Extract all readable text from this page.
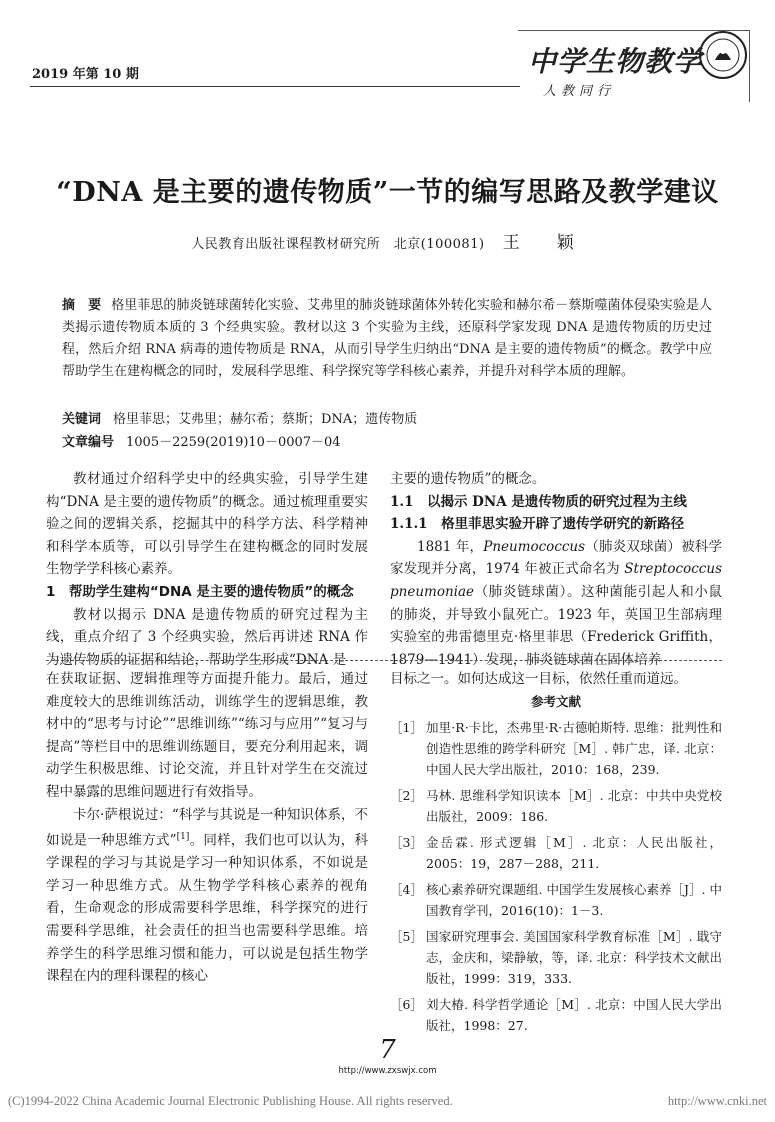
2019 年第 10 期	中学生物教学
人教同行
“DNA 是主要的遗传物质”一节的编写思路及教学建议
人民教育出版社课程教材研究所　北京(100081) 王　颖
摘　要 格里菲思的肺炎链球菌转化实验、艾弗里的肺炎链球菌体外转化实验和赫尔希－蔡斯噬菌体侵染实验是人类揭示遗传物质本质的 3 个经典实验。教材以这 3 个实验为主线，还原科学家发现 DNA 是遗传物质的历史过程，然后介绍 RNA 病毒的遗传物质是 RNA，从而引导学生归纳出“DNA 是主要的遗传物质”的概念。教学中应帮助学生在建构概念的同时，发展科学思维、科学探究等学科核心素养，并提升对科学本质的理解。
关键词 格里菲思；艾弗里；赫尔希；蔡斯；DNA；遗传物质
文章编号 1005－2259(2019)10－0007－04

教材通过介绍科学史中的经典实验，引导学生建构“DNA 是主要的遗传物质”的概念。通过梳理重要实验之间的逻辑关系，挖掘其中的科学方法、科学精神和科学本质等，可以引导学生在建构概念的同时发展生物学学科核心素养。

1　帮助学生建构“DNA 是主要的遗传物质”的概念

教材以揭示 DNA 是遗传物质的研究过程为主线，重点介绍了 3 个经典实验，然后再讲述 RNA 作为遗传物质的证据和结论，帮助学生形成“DNA 是

主要的遗传物质”的概念。

1.1　以揭示 DNA 是遗传物质的研究过程为主线

1.1.1　格里菲思实验开辟了遗传学研究的新路径

1881 年，Pneumococcus（肺炎双球菌）被科学家发现并分离，1974 年被正式命名为 Streptococcus pneumoniae（肺炎链球菌）。这种菌能引起人和小鼠的肺炎，并导致小鼠死亡。1923 年，英国卫生部病理实验室的弗雷德里克·格里菲思（Frederick Griffith，1879—1941）发现，肺炎链球菌在固体培养

在获取证据、逻辑推理等方面提升能力。最后，通过难度较大的思维训练活动，训练学生的逻辑思维，教材中的“思考与讨论”“思维训练”“练习与应用”“复习与提高”等栏目中的思维训练题目，要充分利用起来，调动学生积极思维、讨论交流，并且针对学生在交流过程中暴露的思维问题进行有效指导。

卡尔·萨根说过：“科学与其说是一种知识体系，不如说是一种思维方式”[1]。同样，我们也可以认为，科学课程的学习与其说是学习一种知识体系，不如说是学习一种思维方式。从生物学学科核心素养的视角看，生命观念的形成需要科学思维，科学探究的进行需要科学思维，社会责任的担当也需要科学思维。培养学生的科学思维习惯和能力，可以说是包括生物学课程在内的理科课程的核心

目标之一。如何达成这一目标，依然任重而道远。

参考文献
［1］ 加里·R·卡比，杰弗里·R·古德帕斯特. 思维：批判性和创造性思维的跨学科研究［M］. 韩广忠，译. 北京：中国人民大学出版社，2010：168，239.
［2］ 马林. 思维科学知识读本［M］. 北京：中共中央党校出版社，2009：186.
［3］ 金岳霖. 形式逻辑［M］. 北京：人民出版社，2005：19，287－288，211.
［4］ 核心素养研究课题组. 中国学生发展核心素养［J］. 中国教育学刊，2016(10)：1－3.
［5］ 国家研究理事会. 美国国家科学教育标准［M］. 戢守志，金庆和，梁静敏，等，译. 北京：科学技术文献出版社，1999：319，333.
［6］ 刘大椿. 科学哲学通论［M］. 北京：中国人民大学出版社，1998：27.
7
http://www.zxswjx.com
(C)1994-2022 China Academic Journal Electronic Publishing House. All rights reserved.	http://www.cnki.net
